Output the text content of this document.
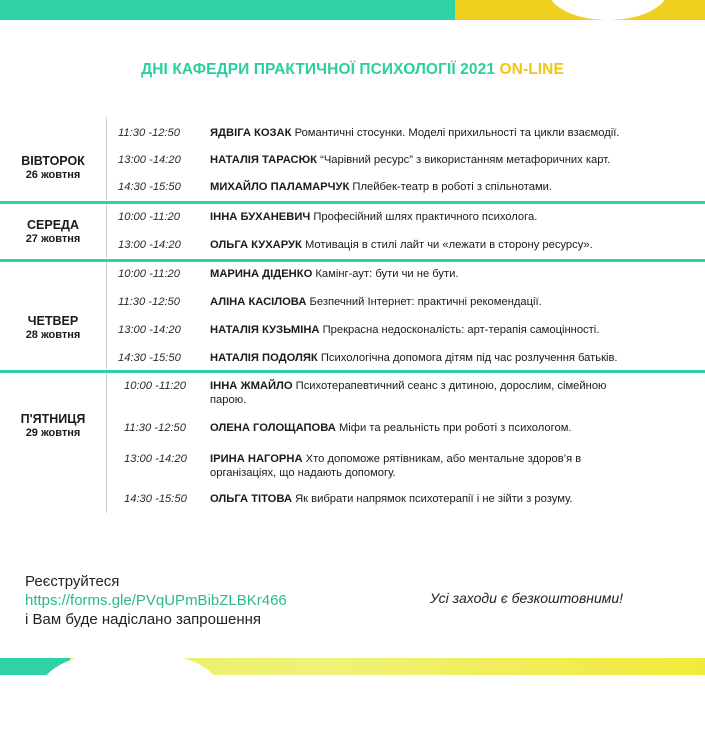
ДНІ КАФЕДРИ ПРАКТИЧНОЇ ПСИХОЛОГІЇ 2021 ON-LINE
ВІВТОРОК
26 жовтня
11:30 -12:50	ЯДВІГА КОЗАК Романтичні стосунки. Моделі прихильності та цикли взаємодії.
13:00 -14:20	НАТАЛІЯ ТАРАСЮК “Чарівний ресурс” з використанням метафоричних карт.
14:30 -15:50	МИХАЙЛО ПАЛАМАРЧУК Плейбек-театр в роботі з спільнотами.
СЕРЕДА
27 жовтня
10:00 -11:20	ІННА БУХАНЕВИЧ Професійний шлях практичного психолога.
13:00 -14:20	ОЛЬГА КУХАРУК Мотивація в стилі лайт чи «лежати в сторону ресурсу».
ЧЕТВЕР
28 жовтня
10:00 -11:20	МАРИНА ДІДЕНКО Камінг-аут: бути чи не бути.
11:30 -12:50	АЛІНА КАСІЛОВА Безпечний Інтернет: практичні рекомендації.
13:00 -14:20	НАТАЛІЯ КУЗЬМІНА Прекрасна недосконалість: арт-терапія самоцінності.
14:30 -15:50	НАТАЛІЯ ПОДОЛЯК Психологічна допомога дітям під час розлучення батьків.
П'ЯТНИЦЯ
29 жовтня
10:00 -11:20	ІННА ЖМАЙЛО Психотерапевтичний сеанс з дитиною, дорослим, сімейною парою.
11:30 -12:50	ОЛЕНА ГОЛОЩАПОВА Міфи та реальність при роботі з психологом.
13:00 -14:20	ІРИНА НАГОРНА Хто допоможе рятівникам, або ментальне здоров’я в організаціях, що надають допомогу.
14:30 -15:50	ОЛЬГА ТІТОВА Як вибрати напрямок психотерапії і не зійти з розуму.
Реєструйтеся
https://forms.gle/PVqUPmBibZLBKr466
і Вам буде надіслано запрошення
Усі заходи є безкоштовними!
